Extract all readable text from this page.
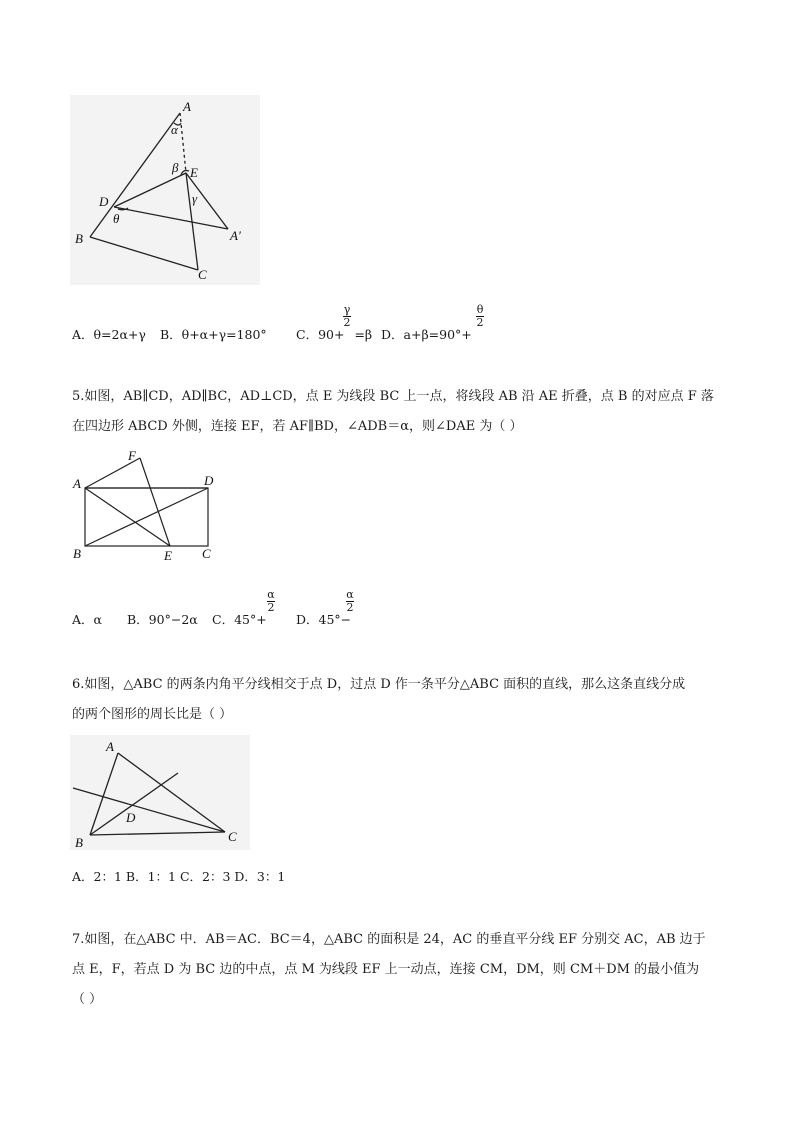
A
α
β E
γ
D
θ
A′
B
C
A．θ=2α+γ B．θ+α+γ=180° C．90+ =β
γ
2
D．a+β=90°+
θ
2
5.如图，AB∥CD，AD∥BC，AD⊥CD，点 E 为线段 BC 上一点，将线段 AB 沿 AE 折叠，点 B 的对应点 F 落
在四边形 ABCD 外侧，连接 EF，若 AF∥BD，∠ADB＝α，则∠DAE 为（ ）
F
A	D
B	E C
A．α B．90°−2α C．45°+
α
2
D．45°−
α
2
6.如图，△ABC 的两条内角平分线相交于点 D，过点 D 作一条平分△ABC 面积的直线，那么这条直线分成
的两个图形的周长比是（ ）
A
D
B	C
A．2：1 B．1：1 C．2：3 D．3：1
7.如图，在△ABC 中．AB＝AC．BC＝4，△ABC 的面积是 24，AC 的垂直平分线 EF 分别交 AC，AB 边于
点 E，F，若点 D 为 BC 边的中点，点 M 为线段 EF 上一动点，连接 CM，DM，则 CM＋DM 的最小值为
（ ）
